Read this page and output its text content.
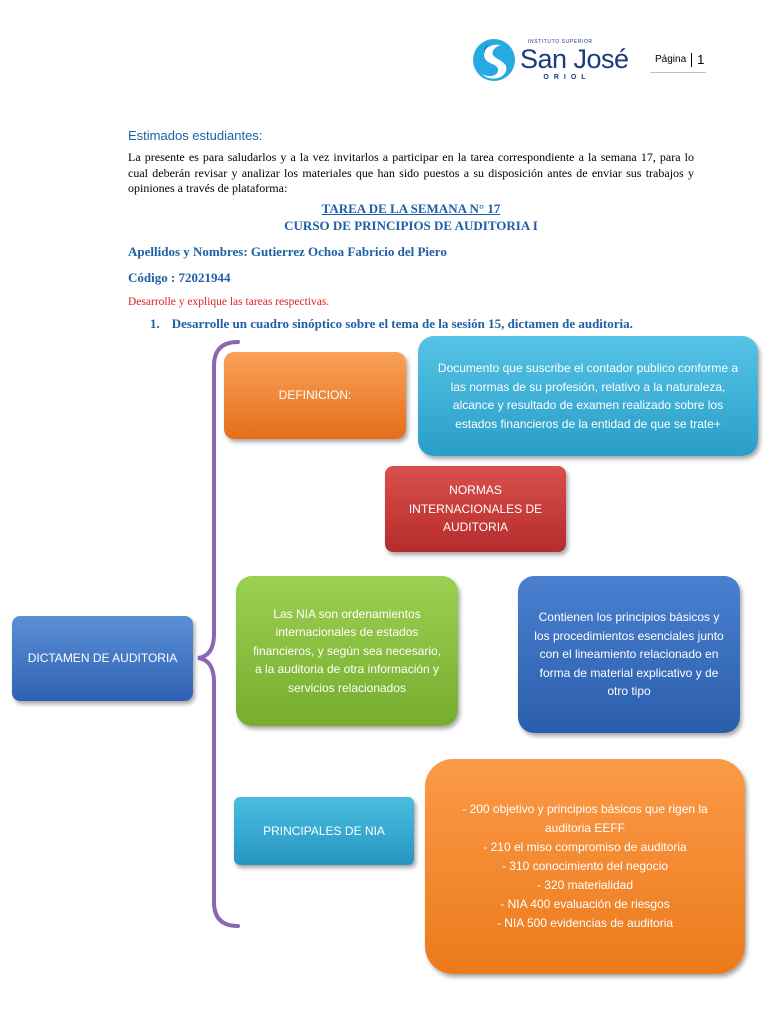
INSTITUTO SUPERIOR
San José
ORIOL
Página 1
Estimados estudiantes:
La presente es para saludarlos y a la vez invitarlos a participar en la tarea correspondiente a la semana 17, para lo cual deberán revisar y analizar los materiales que han sido puestos a su disposición antes de enviar sus trabajos y opiniones a través de plataforma:
TAREA DE LA SEMANA N° 17
CURSO DE PRINCIPIOS DE AUDITORIA I
Apellidos y Nombres: Gutierrez Ochoa Fabricio del Piero
Código : 72021944
Desarrolle y explique las tareas respectivas.
1. Desarrolle un cuadro sinóptico sobre el tema de la sesión 15, dictamen de auditoria.
DICTAMEN DE AUDITORIA
DEFINICION:
Documento que suscribe el contador publico conforme a las normas de su profesión, relativo a la naturaleza, alcance y resultado de examen realizado sobre los estados financieros de la entidad de que se trate+
NORMAS INTERNACIONALES DE AUDITORIA
Las NIA son ordenamientos internacionales de estados financieros, y según sea necesario, a la auditoria de otra información y servicios relacionados
Contienen los principios básicos y los procedimientos esenciales junto con el lineamiento relacionado en forma de material explicativo y de otro tipo
PRINCIPALES DE NIA
- 200 objetivo y principios básicos que rigen la auditoria EEFF
- 210 el miso compromiso de auditoria
- 310 conocimiento del negocio
- 320 materialidad
- NIA 400 evaluación de riesgos
- NIA 500 evidencias de auditoria
